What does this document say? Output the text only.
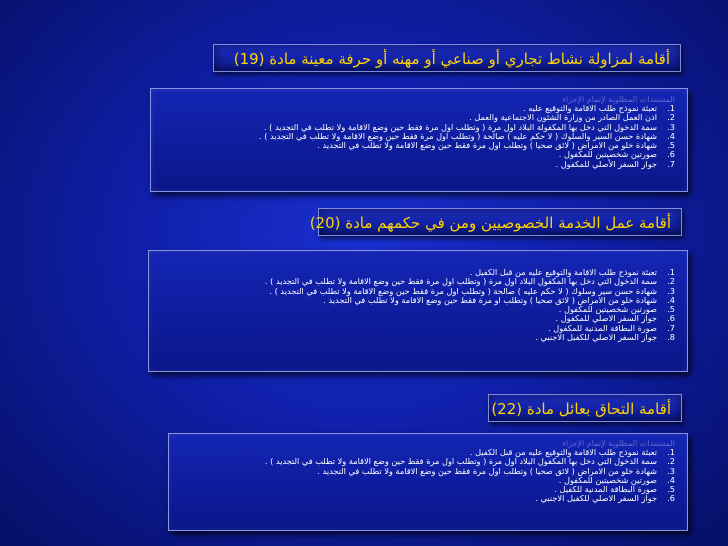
أقامة لمزاولة نشاط تجاري أو صناعي أو مهنه أو حرفة معينة مادة (19)
المستندات المطلوبة لإتمام الإجراء
1.تعبئة نموذج طلب الاقامة والتوقيع عليه .
2.اذن العمل الصادر من وزارة الشئون الاجتماعية والعمل .
3.سمة الدخول التي دخل بها المكفولة البلاد اول مرة ( وتطلب اول مرة فقط حين وضع الاقامة ولا تطلب في التجديد ) .
4.شهادة حسن السير والسلوك ( لا حكم عليه ) صالحة ( وتطلب اول مرة فقط حين وضع الاقامة ولا تطلب في التجديد ) .
5.شهادة خلو من الامراض ( لائق صحيا ) وتطلب اول مرة فقط حين وضع الاقامة ولا تطلب في التجديد .
6.صورتين شخصيتين للمكفول .
7.جواز السفر الأصلي للمكفول .
أقامة عمل الخدمة الخصوصيين ومن في حكمهم مادة (20)
1.تعبئة نموذج طلب الاقامة والتوقيع عليه من قبل الكفيل .
2.سمة الدخول التي دخل بها المكفول البلاد اول مرة ( وتطلب اول مرة فقط حين وضع الاقامة ولا تطلب في التجديد ) .
3.شهادة حسن سير وسلوك ( لا حكم عليه ) صالحة ( وتطلب اول مرة فقط حين وضع الاقامة ولا تطلب في التجديد ) .
4.شهادة خلو من الامراض ( لائق صحيا ) وتطلب او مرة فقط حين وضع الاقامة ولا تطلب في التجديد .
5.صورتين شخصيتين للمكفول .
6.جواز السفر الاصلي للمكفول .
7.صورة البطاقة المدنية للمكفول .
8.جواز السفر الاصلي للكفيل الاجنبي .
أقامة التحاق بعائل مادة (22)
المستندات المطلوبة لإتمام الإجراء
1.تعبئة نموذج طلب الاقامة والتوقيع عليه من قبل الكفيل .
2.سمة الدخول التي دخل بها المكفول البلاد اول مرة ( وتطلب اول مرة فقط حين وضع الاقامة ولا تطلب في التجديد ) .
3.شهادة خلو من الامراض ( لائق صحيا ) وتطلب اول مرة فقط حين وضع الاقامة ولا تطلب في التجديد .
4.صورتين شخصيتين للمكفول .
5.صورة البطاقة المدنية للكفيل .
6.جواز السفر الاصلي للكفيل الاجنبي .
